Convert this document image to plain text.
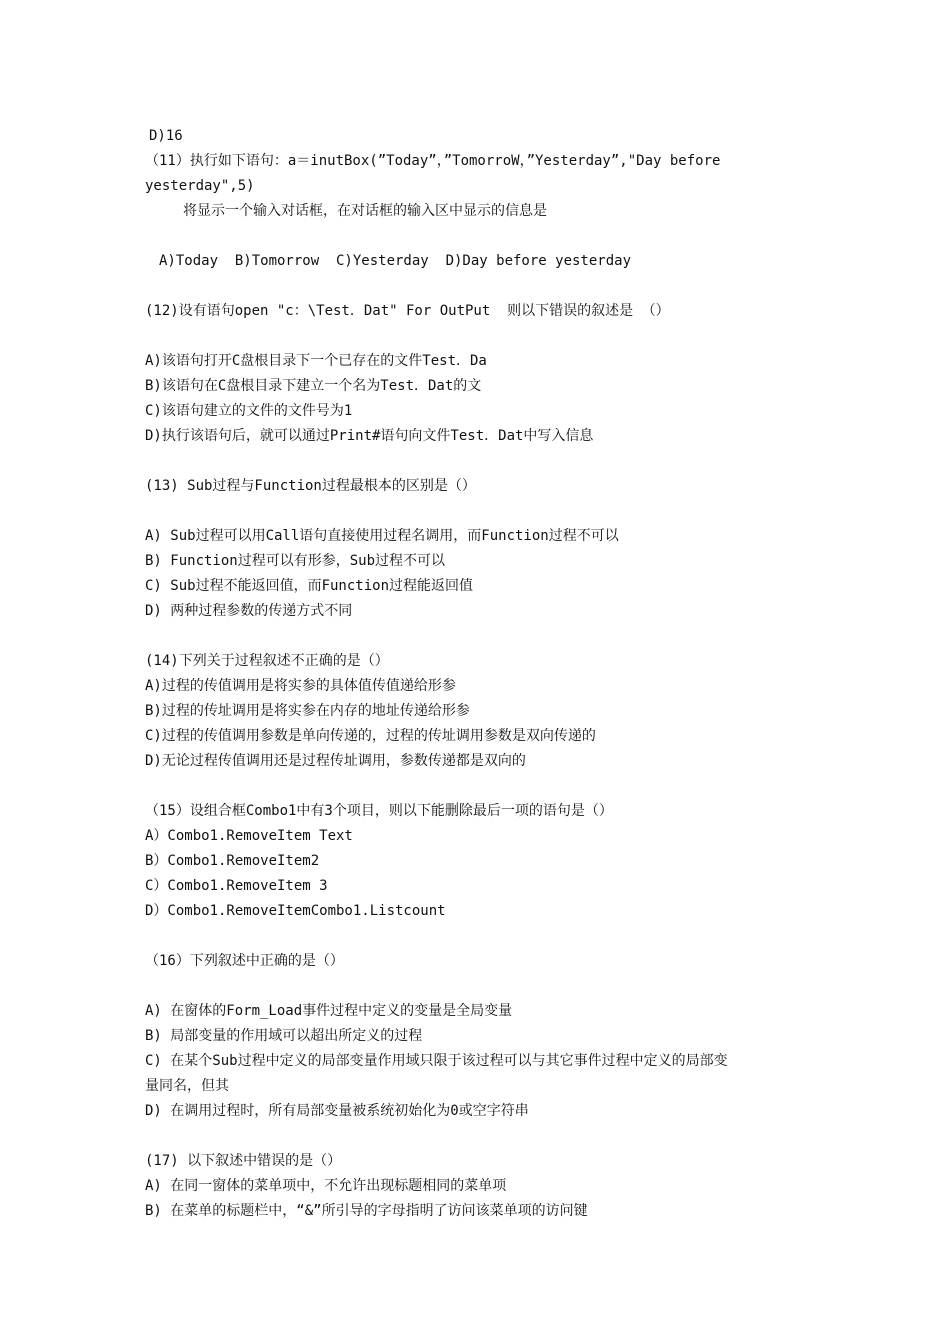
D)16
（11）执行如下语句：a＝inutBox(”Today”，”TomorroW，”Yesterday”,"Day before
yesterday",5)
将显示一个输入对话框，在对话框的输入区中显示的信息是
A)Today  B)Tomorrow  C)Yesterday  D)Day before yesterday
(12)设有语句open "c：\Test．Dat" For OutPut  则以下错误的叙述是 （）
A)该语句打开C盘根目录下一个已存在的文件Test．Da
B)该语句在C盘根目录下建立一个名为Test．Dat的文
C)该语句建立的文件的文件号为1
D)执行该语句后，就可以通过Print#语句向文件Test．Dat中写入信息
(13) Sub过程与Function过程最根本的区别是（）
A) Sub过程可以用Call语句直接使用过程名调用，而Function过程不可以
B) Function过程可以有形参，Sub过程不可以
C) Sub过程不能返回值，而Function过程能返回值
D) 两种过程参数的传递方式不同
(14)下列关于过程叙述不正确的是（）
A)过程的传值调用是将实参的具体值传值递给形参
B)过程的传址调用是将实参在内存的地址传递给形参
C)过程的传值调用参数是单向传递的，过程的传址调用参数是双向传递的
D)无论过程传值调用还是过程传址调用，参数传递都是双向的
（15）设组合框Combo1中有3个项目，则以下能删除最后一项的语句是（）
A）Combo1.RemoveItem Text
B）Combo1.RemoveItem2
C）Combo1.RemoveItem 3
D）Combo1.RemoveItemCombo1.Listcount
（16）下列叙述中正确的是（）
A) 在窗体的Form_Load事件过程中定义的变量是全局变量
B) 局部变量的作用域可以超出所定义的过程
C) 在某个Sub过程中定义的局部变量作用域只限于该过程可以与其它事件过程中定义的局部变
量同名，但其
D) 在调用过程时，所有局部变量被系统初始化为0或空字符串
(17) 以下叙述中错误的是（）
A) 在同一窗体的菜单项中，不允许出现标题相同的菜单项
B) 在菜单的标题栏中，“&”所引导的字母指明了访问该菜单项的访问键
